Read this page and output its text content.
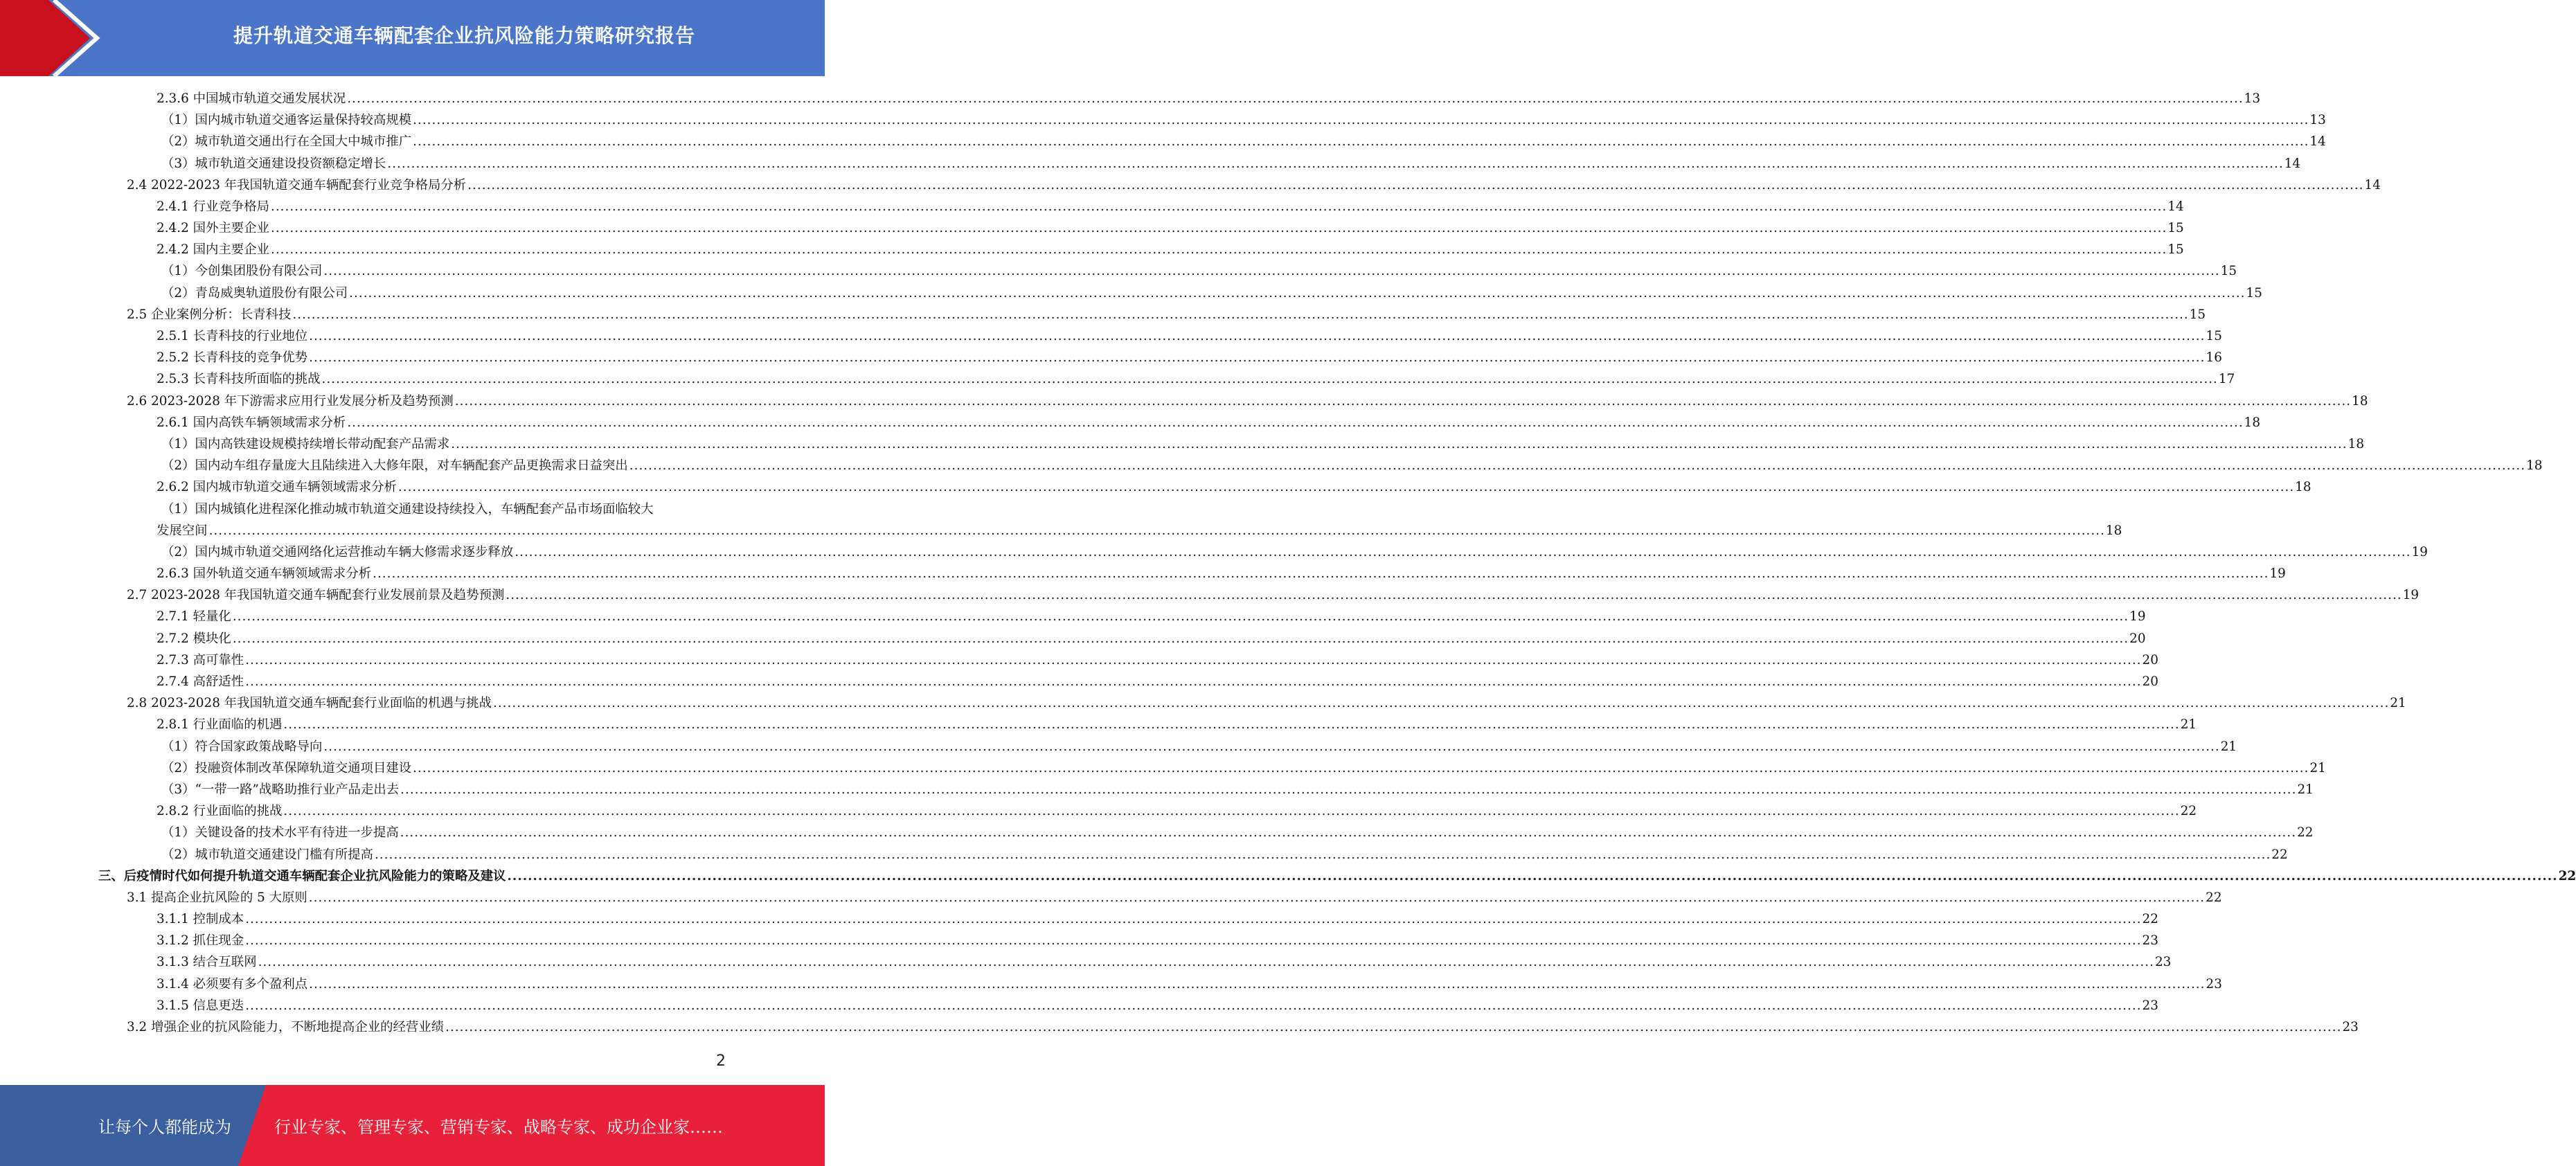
提升轨道交通车辆配套企业抗风险能力策略研究报告
2.3.6 中国城市轨道交通发展状况 ................................................................................................................................................................................................................................................................................................................................................................................................................ 13
（1）国内城市轨道交通客运量保持较高规模 ................................................................................................................................................................................................................................................................................................................................................................................................................ 13
（2）城市轨道交通出行在全国大中城市推广 ................................................................................................................................................................................................................................................................................................................................................................................................................ 14
（3）城市轨道交通建设投资额稳定增长 ................................................................................................................................................................................................................................................................................................................................................................................................................ 14
2.4 2022-2023 年我国轨道交通车辆配套行业竞争格局分析 ................................................................................................................................................................................................................................................................................................................................................................................................................ 14
2.4.1 行业竞争格局 ................................................................................................................................................................................................................................................................................................................................................................................................................ 14
2.4.2 国外主要企业 ................................................................................................................................................................................................................................................................................................................................................................................................................ 15
2.4.2 国内主要企业 ................................................................................................................................................................................................................................................................................................................................................................................................................ 15
（1）今创集团股份有限公司 ................................................................................................................................................................................................................................................................................................................................................................................................................ 15
（2）青岛威奥轨道股份有限公司 ................................................................................................................................................................................................................................................................................................................................................................................................................ 15
2.5 企业案例分析：长青科技 ................................................................................................................................................................................................................................................................................................................................................................................................................ 15
2.5.1 长青科技的行业地位 ................................................................................................................................................................................................................................................................................................................................................................................................................ 15
2.5.2 长青科技的竞争优势 ................................................................................................................................................................................................................................................................................................................................................................................................................ 16
2.5.3 长青科技所面临的挑战 ................................................................................................................................................................................................................................................................................................................................................................................................................ 17
2.6 2023-2028 年下游需求应用行业发展分析及趋势预测 ................................................................................................................................................................................................................................................................................................................................................................................................................ 18
2.6.1 国内高铁车辆领域需求分析 ................................................................................................................................................................................................................................................................................................................................................................................................................ 18
（1）国内高铁建设规模持续增长带动配套产品需求 ................................................................................................................................................................................................................................................................................................................................................................................................................ 18
（2）国内动车组存量庞大且陆续进入大修年限，对车辆配套产品更换需求日益突出 ................................................................................................................................................................................................................................................................................................................................................................................................................ 18
2.6.2 国内城市轨道交通车辆领域需求分析 ................................................................................................................................................................................................................................................................................................................................................................................................................ 18
（1）国内城镇化进程深化推动城市轨道交通建设持续投入，车辆配套产品市场面临较大
发展空间 ................................................................................................................................................................................................................................................................................................................................................................................................................ 18
（2）国内城市轨道交通网络化运营推动车辆大修需求逐步释放 ................................................................................................................................................................................................................................................................................................................................................................................................................ 19
2.6.3 国外轨道交通车辆领域需求分析 ................................................................................................................................................................................................................................................................................................................................................................................................................ 19
2.7 2023-2028 年我国轨道交通车辆配套行业发展前景及趋势预测 ................................................................................................................................................................................................................................................................................................................................................................................................................ 19
2.7.1 轻量化 ................................................................................................................................................................................................................................................................................................................................................................................................................ 19
2.7.2 模块化 ................................................................................................................................................................................................................................................................................................................................................................................................................ 20
2.7.3 高可靠性 ................................................................................................................................................................................................................................................................................................................................................................................................................ 20
2.7.4 高舒适性 ................................................................................................................................................................................................................................................................................................................................................................................................................ 20
2.8 2023-2028 年我国轨道交通车辆配套行业面临的机遇与挑战 ................................................................................................................................................................................................................................................................................................................................................................................................................ 21
2.8.1 行业面临的机遇 ................................................................................................................................................................................................................................................................................................................................................................................................................ 21
（1）符合国家政策战略导向 ................................................................................................................................................................................................................................................................................................................................................................................................................ 21
（2）投融资体制改革保障轨道交通项目建设 ................................................................................................................................................................................................................................................................................................................................................................................................................ 21
（3）“一带一路”战略助推行业产品走出去 ................................................................................................................................................................................................................................................................................................................................................................................................................ 21
2.8.2 行业面临的挑战 ................................................................................................................................................................................................................................................................................................................................................................................................................ 22
（1）关键设备的技术水平有待进一步提高 ................................................................................................................................................................................................................................................................................................................................................................................................................ 22
（2）城市轨道交通建设门槛有所提高 ................................................................................................................................................................................................................................................................................................................................................................................................................ 22
三、后疫情时代如何提升轨道交通车辆配套企业抗风险能力的策略及建议 ................................................................................................................................................................................................................................................................................................................................................................................................................ 22
3.1 提高企业抗风险的 5 大原则 ................................................................................................................................................................................................................................................................................................................................................................................................................ 22
3.1.1 控制成本 ................................................................................................................................................................................................................................................................................................................................................................................................................ 22
3.1.2 抓住现金 ................................................................................................................................................................................................................................................................................................................................................................................................................ 23
3.1.3 结合互联网 ................................................................................................................................................................................................................................................................................................................................................................................................................ 23
3.1.4 必须要有多个盈利点 ................................................................................................................................................................................................................................................................................................................................................................................................................ 23
3.1.5 信息更迭 ................................................................................................................................................................................................................................................................................................................................................................................................................ 23
3.2 增强企业的抗风险能力，不断地提高企业的经营业绩 ................................................................................................................................................................................................................................................................................................................................................................................................................ 23
2
让每个人都能成为	行业专家、管理专家、营销专家、战略专家、成功企业家……
